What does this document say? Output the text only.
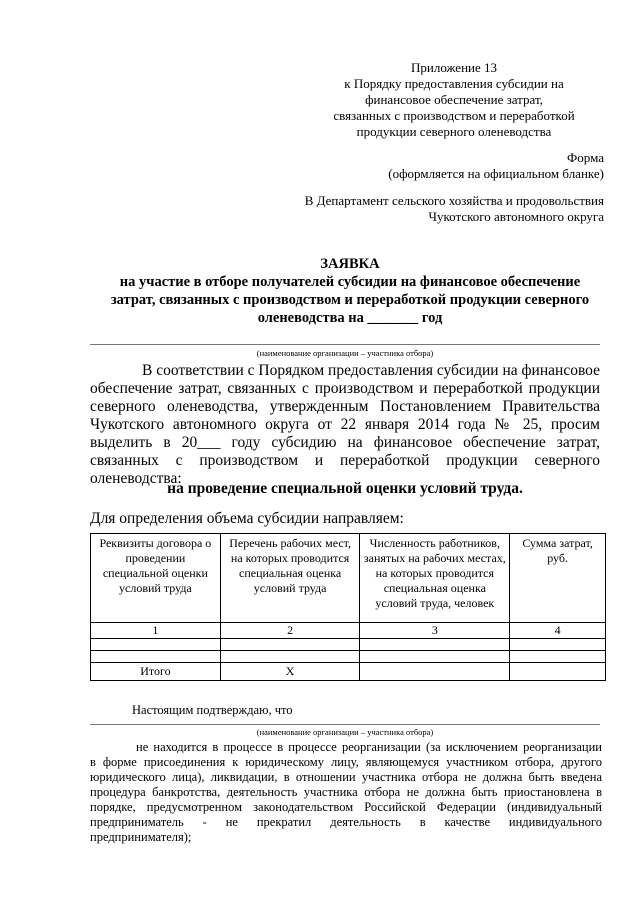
Приложение 13
к Порядку предоставления субсидии на
финансовое обеспечение затрат,
связанных с производством и переработкой
продукции северного оленеводства
Форма
(оформляется на официальном бланке)
В Департамент сельского хозяйства и продовольствия
Чукотского автономного округа
ЗАЯВКА
на участие в отборе получателей субсидии на финансовое обеспечение
затрат, связанных с производством и переработкой продукции северного
оленеводства на _______ год
(наименование организации – участника отбора)

В соответствии с Порядком предоставления субсидии на финансовое

обеспечение затрат, связанных с производством и переработкой продукции
северного оленеводства, утвержденным Постановлением Правительства
Чукотского автономного округа от 22 января 2014 года № 25, просим
выделить в 20___ году субсидию на финансовое обеспечение затрат,
связанных с производством и переработкой продукции северного
оленеводства:
на проведение специальной оценки условий труда.
Для определения объема субсидии направляем:
Реквизиты договора о проведении специальной оценки условий труда	Перечень рабочих мест, на которых проводится специальная оценка условий труда	Численность работников, занятых на рабочих местах, на которых проводится специальная оценка условий труда, человек	Сумма затрат, руб.
1	2	3	4

Итого	Х		
Настоящим подтверждаю, что
(наименование организации – участника отбора)

не находится в процессе в процессе реорганизации (за исключением реорганизации

в форме присоединения к юридическому лицу, являющемуся участником отбора, другого
юридического лица), ликвидации, в отношении участника отбора не должна быть введена
процедура банкротства, деятельность участника отбора не должна быть приостановлена в
порядке, предусмотренном законодательством Российской Федерации (индивидуальный
предприниматель - не прекратил деятельность в качестве индивидуального
предпринимателя);
